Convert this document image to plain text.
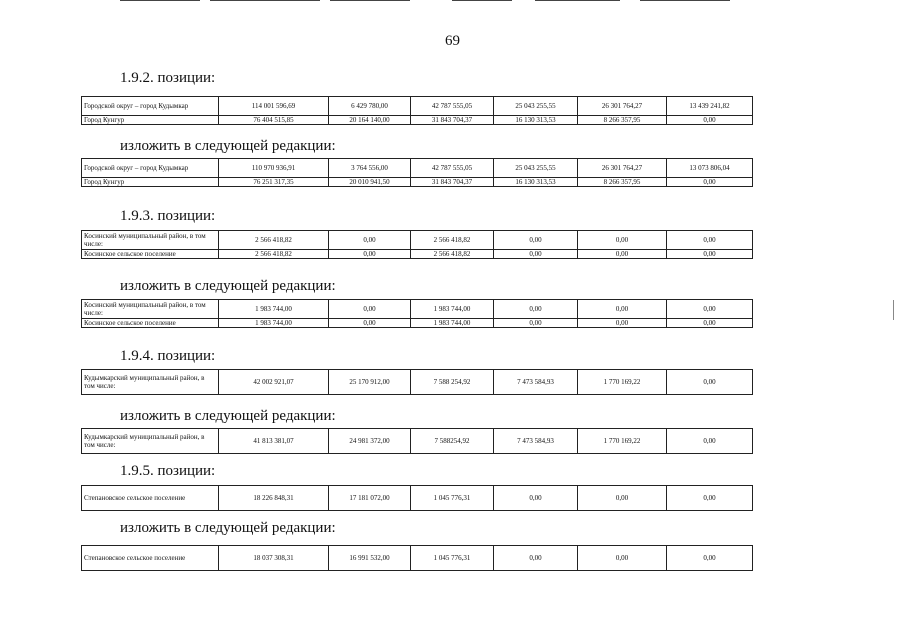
69
1.9.2. позиции:
Городской округ – город Кудымкар	114 001 596,69	6 429 780,00	42 787 555,05	25 043 255,55	26 301 764,27	13 439 241,82
Город Кунгур	76 404 515,85	20 164 140,00	31 843 704,37	16 130 313,53	8 266 357,95	0,00
изложить в следующей редакции:
Городской округ – город Кудымкар	110 970 936,91	3 764 556,00	42 787 555,05	25 043 255,55	26 301 764,27	13 073 806,04
Город Кунгур	76 251 317,35	20 010 941,50	31 843 704,37	16 130 313,53	8 266 357,95	0,00
1.9.3. позиции:
Косинский муниципальный район, в том числе:	2 566 418,82	0,00	2 566 418,82	0,00	0,00	0,00
Косинское сельское поселение	2 566 418,82	0,00	2 566 418,82	0,00	0,00	0,00
изложить в следующей редакции:
Косинский муниципальный район, в том числе:	1 983 744,00	0,00	1 983 744,00	0,00	0,00	0,00
Косинское сельское поселение	1 983 744,00	0,00	1 983 744,00	0,00	0,00	0,00
1.9.4. позиции:
Кудымкарский муниципальный район, в том числе:	42 002 921,07	25 170 912,00	7 588 254,92	7 473 584,93	1 770 169,22	0,00
изложить в следующей редакции:
Кудымкарский муниципальный район, в том числе:	41 813 381,07	24 981 372,00	7 588254,92	7 473 584,93	1 770 169,22	0,00
1.9.5. позиции:
Степановское сельское поселение	18 226 848,31	17 181 072,00	1 045 776,31	0,00	0,00	0,00
изложить в следующей редакции:
Степановское сельское поселение	18 037 308,31	16 991 532,00	1 045 776,31	0,00	0,00	0,00
